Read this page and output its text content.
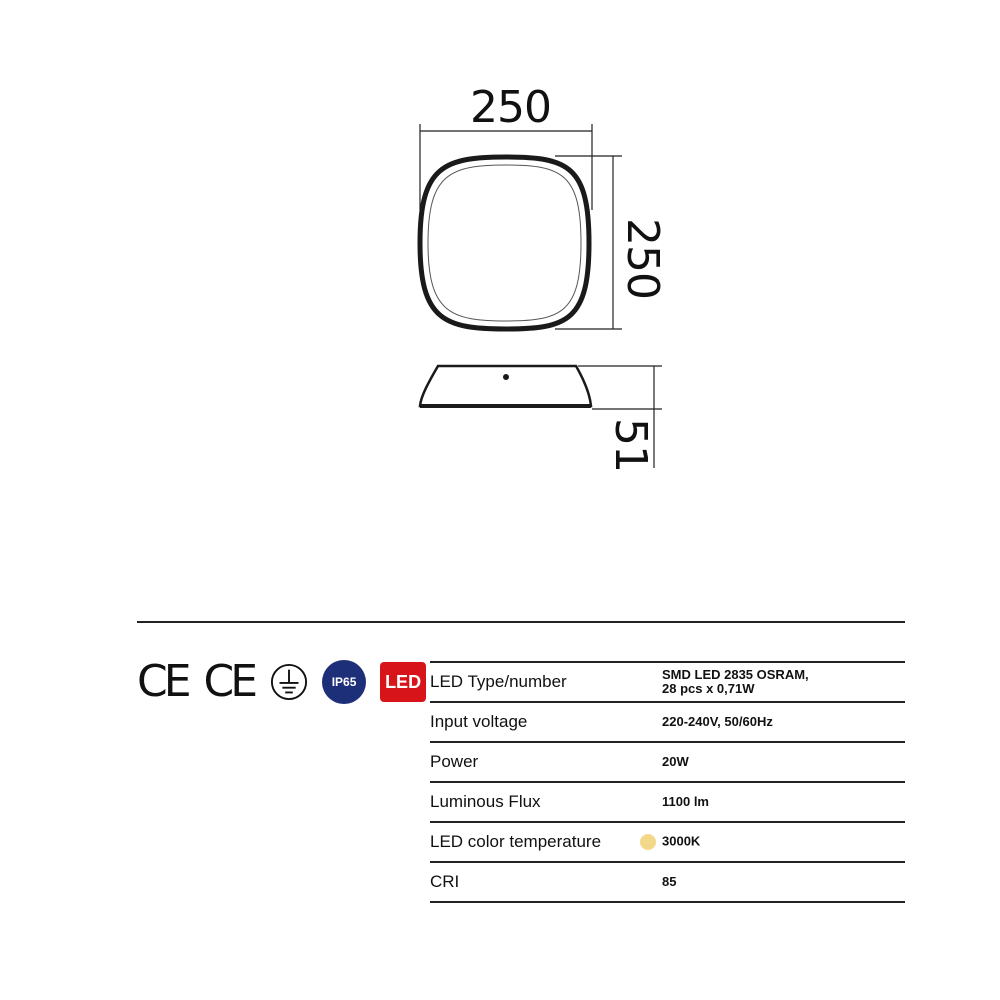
250
250
51
CE CE	IP65	LED LED Type/number	SMD LED 2835 OSRAM,
28 pcs x 0,71W

Input voltage	220-240V, 50/60Hz
Power	20W
Luminous Flux	1100 lm
LED color temperature	3000K
CRI	85
